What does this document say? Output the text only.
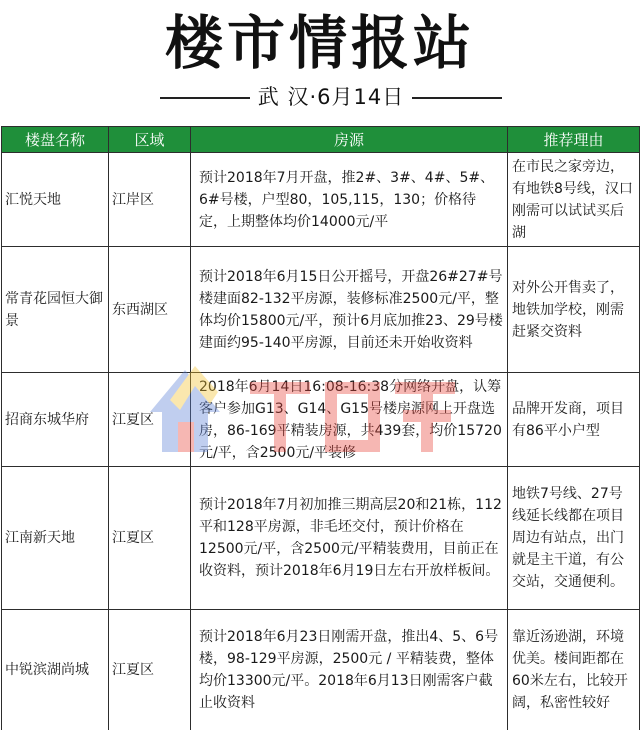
楼市情报站
武 汉·6月14日
楼盘名称	区域	房源	推荐理由
汇悦天地	江岸区	预计2018年7月开盘，推2#、3#、4#、5#、6#号楼，户型80，105,115，130；价格待定，上期整体均价14000元/平	在市民之家旁边，有地铁8号线，汉口刚需可以试试买后湖
常青花园恒大御景	东西湖区	预计2018年6月15日公开摇号，开盘26#27#号楼建面82-132平房源，装修标准2500元/平，整体均价15800元/平，预计6月底加推23、29号楼建面约95-140平房源，目前还未开始收资料	对外公开售卖了，地铁加学校，刚需赶紧交资料
招商东城华府	江夏区	2018年6月14日16:08-16:38分网络开盘，认筹客户参加G13、G14、G15号楼房源网上开盘选房，86-169平精装房源，共439套，均价15720元/平，含2500元/平装修	品牌开发商，项目有86平小户型
江南新天地	江夏区	预计2018年7月初加推三期高层20和21栋，112平和128平房源，非毛坯交付，预计价格在12500元/平，含2500元/平精装费用，目前正在收资料，预计2018年6月19日左右开放样板间。	地铁7号线、27号线延长线都在项目周边有站点，出门就是主干道，有公交站，交通便利。
中锐滨湖尚城	江夏区	预计2018年6月23日刚需开盘，推出4、5、6号楼，98-129平房源，2500元 / 平精装费，整体均价13300元/平。2018年6月13日刚需客户截止收资料	靠近汤逊湖，环境优美。楼间距都在60米左右，比较开阔，私密性较好
